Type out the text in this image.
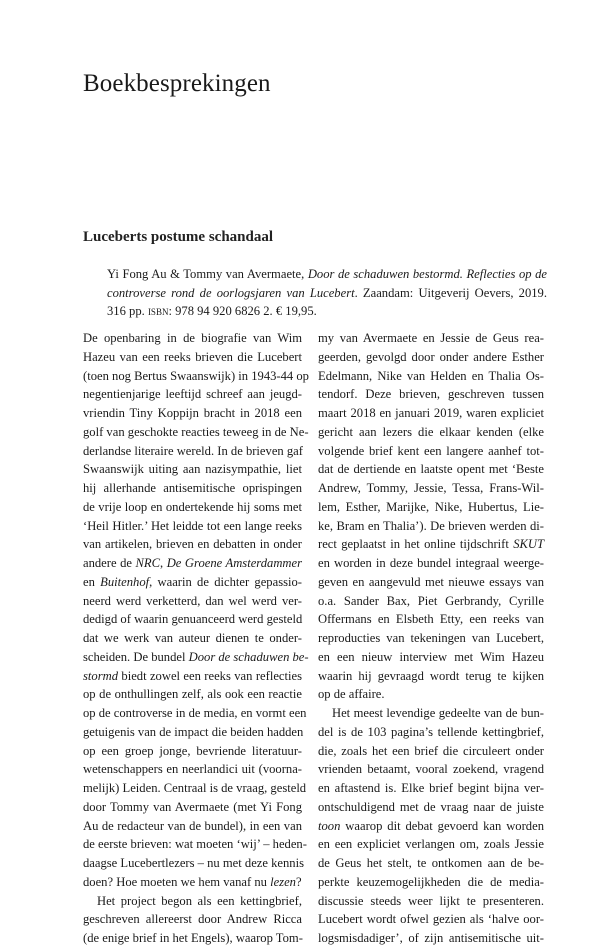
Boekbesprekingen
Luceberts postume schandaal

Yi Fong Au & Tommy van Avermaete, Door de schaduwen bestormd. Reflecties op de controverse rond de oorlogsjaren van Lucebert. Zaandam: Uitgeverij Oevers, 2019. 316 pp. isbn: 978 94 920 6826 2. € 19,95.

De openbaring in de biografie van Wim
Hazeu van een reeks brieven die Lucebert
(toen nog Bertus Swaanswijk) in 1943-44 op
negentienjarige leeftijd schreef aan jeugd-
vriendin Tiny Koppijn bracht in 2018 een
golf van geschokte reacties teweeg in de Ne-
derlandse literaire wereld. In de brieven gaf
Swaanswijk uiting aan nazisympathie, liet
hij allerhande antisemitische oprispingen
de vrije loop en ondertekende hij soms met
‘Heil Hitler.’ Het leidde tot een lange reeks
van artikelen, brieven en debatten in onder
andere de NRC, De Groene Amsterdammer
en Buitenhof, waarin de dichter gepassio-
neerd werd verketterd, dan wel werd ver-
dedigd of waarin genuanceerd werd gesteld
dat we werk van auteur dienen te onder-
scheiden. De bundel Door de schaduwen be-
stormd biedt zowel een reeks van reflecties
op de onthullingen zelf, als ook een reactie
op de controverse in de media, en vormt een
getuigenis van de impact die beiden hadden
op een groep jonge, bevriende literatuur-
wetenschappers en neerlandici uit (voorna-
melijk) Leiden. Centraal is de vraag, gesteld
door Tommy van Avermaete (met Yi Fong
Au de redacteur van de bundel), in een van
de eerste brieven: wat moeten ‘wij’ – heden-
daagse Lucebertlezers – nu met deze kennis
doen? Hoe moeten we hem vanaf nu lezen?
Het project begon als een kettingbrief,
geschreven allereerst door Andrew Ricca
(de enige brief in het Engels), waarop Tom-
my van Avermaete en Jessie de Geus rea-
geerden, gevolgd door onder andere Esther
Edelmann, Nike van Helden en Thalia Os-
tendorf. Deze brieven, geschreven tussen
maart 2018 en januari 2019, waren expliciet
gericht aan lezers die elkaar kenden (elke
volgende brief kent een langere aanhef tot-
dat de dertiende en laatste opent met ‘Beste
Andrew, Tommy, Jessie, Tessa, Frans-Wil-
lem, Esther, Marijke, Nike, Hubertus, Lie-
ke, Bram en Thalia’). De brieven werden di-
rect geplaatst in het online tijdschrift SKUT
en worden in deze bundel integraal weerge-
geven en aangevuld met nieuwe essays van
o.a. Sander Bax, Piet Gerbrandy, Cyrille
Offermans en Elsbeth Etty, een reeks van
reproducties van tekeningen van Lucebert,
en een nieuw interview met Wim Hazeu
waarin hij gevraagd wordt terug te kijken
op de affaire.
Het meest levendige gedeelte van de bun-
del is de 103 pagina’s tellende kettingbrief,
die, zoals het een brief die circuleert onder
vrienden betaamt, vooral zoekend, vragend
en aftastend is. Elke brief begint bijna ver-
ontschuldigend met de vraag naar de juiste
toon waarop dit debat gevoerd kan worden
en een expliciet verlangen om, zoals Jessie
de Geus het stelt, te ontkomen aan de be-
perkte keuzemogelijkheden die de media-
discussie steeds weer lijkt te presenteren.
Lucebert wordt ofwel gezien als ‘halve oor-
logsmisdadiger’, of zijn antisemitische uit-
